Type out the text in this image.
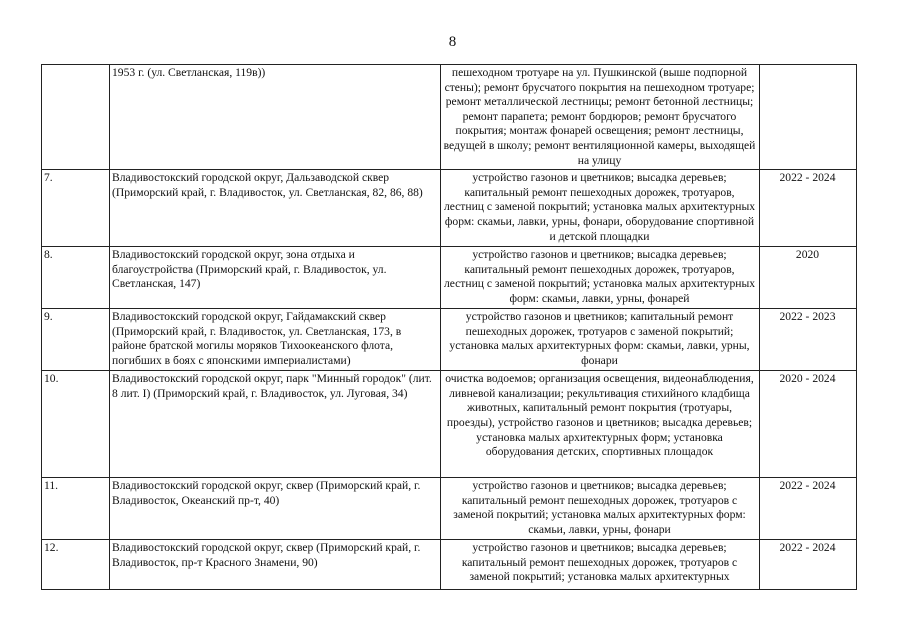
8
	1953 г. (ул. Светланская, 119в))	пешеходном тротуаре на ул. Пушкинской (выше подпорной стены); ремонт брусчатого покрытия на пешеходном тротуаре; ремонт металлической лестницы; ремонт бетонной лестницы; ремонт парапета; ремонт бордюров; ремонт брусчатого покрытия; монтаж фонарей освещения; ремонт лестницы, ведущей в школу; ремонт вентиляционной камеры, выходящей на улицу	
7.	Владивостокский городской округ, Дальзаводской сквер (Приморский край, г. Владивосток, ул. Светланская, 82, 86, 88)	устройство газонов и цветников; высадка деревьев; капитальный ремонт пешеходных дорожек, тротуаров, лестниц с заменой покрытий; установка малых архитектурных форм: скамьи, лавки, урны, фонари, оборудование спортивной и детской площадки	2022 - 2024
8.	Владивостокский городской округ, зона отдыха и благоустройства (Приморский край, г. Владивосток, ул. Светланская, 147)	устройство газонов и цветников; высадка деревьев; капитальный ремонт пешеходных дорожек, тротуаров, лестниц с заменой покрытий; установка малых архитектурных форм: скамьи, лавки, урны, фонарей	2020
9.	Владивостокский городской округ, Гайдамакский сквер (Приморский край, г. Владивосток, ул. Светланская, 173, в районе братской могилы моряков Тихоокеанского флота, погибших в боях с японскими империалистами)	устройство газонов и цветников; капитальный ремонт пешеходных дорожек, тротуаров с заменой покрытий; установка малых архитектурных форм: скамьи, лавки, урны, фонари	2022 - 2023
10.	Владивостокский городской округ, парк "Минный городок" (лит. 8 лит. I) (Приморский край, г. Владивосток, ул. Луговая, 34)	очистка водоемов; организация освещения, видеонаблюдения, ливневой канализации; рекультивация стихийного кладбища животных, капитальный ремонт покрытия (тротуары, проезды), устройство газонов и цветников; высадка деревьев; установка малых архитектурных форм; установка оборудования детских, спортивных площадок	2020 - 2024
11.	Владивостокский городской округ, сквер (Приморский край, г. Владивосток, Океанский пр-т, 40)	устройство газонов и цветников; высадка деревьев; капитальный ремонт пешеходных дорожек, тротуаров с заменой покрытий; установка малых архитектурных форм: скамьи, лавки, урны, фонари	2022 - 2024
12.	Владивостокский городской округ, сквер (Приморский край, г. Владивосток, пр-т Красного Знамени, 90)	устройство газонов и цветников; высадка деревьев; капитальный ремонт пешеходных дорожек, тротуаров с заменой покрытий; установка малых архитектурных	2022 - 2024
